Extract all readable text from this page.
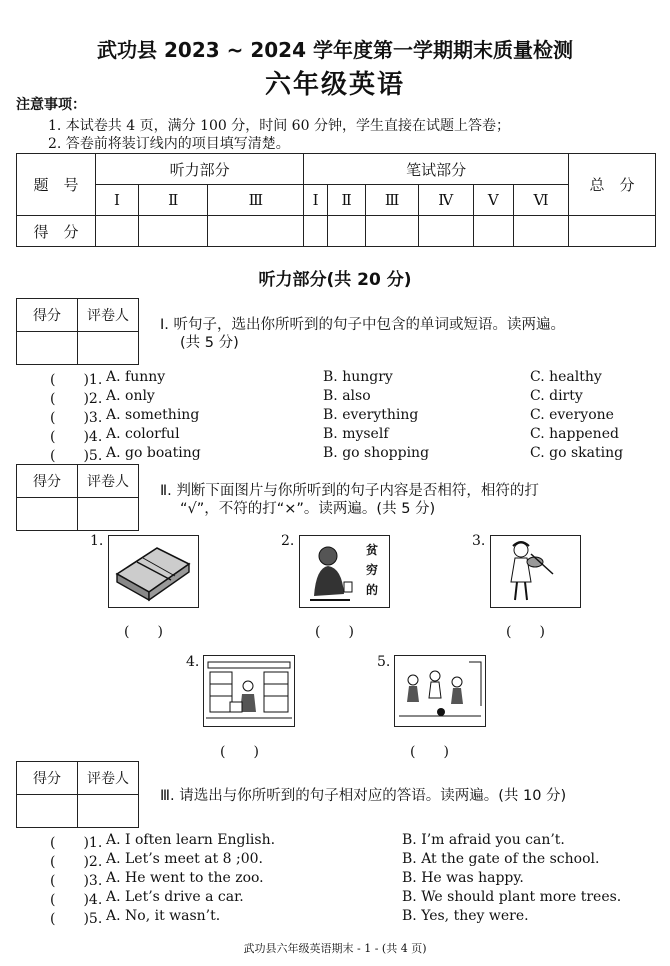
武功县 2023 ~ 2024 学年度第一学期期末质量检测
六年级英语
注意事项：
1. 本试卷共 4 页，满分 100 分，时间 60 分钟，学生直接在试题上答卷；
2. 答卷前将装订线内的项目填写清楚。
题　号	听力部分			笔试部分						总　分
	Ⅰ	Ⅱ	Ⅲ	Ⅰ	Ⅱ	Ⅲ	Ⅳ	Ⅴ	Ⅵ	
得　分										
听力部分(共 20 分)
得分	评卷人

Ⅰ. 听句子，选出你所听到的句子中包含的单词或短语。读两遍。
(共 5 分)
(　　)1. A. funny	B. hungry	C. healthy
(　　)2. A. only	B. also	C. dirty
(　　)3. A. something	B. everything	C. everyone
(　　)4. A. colorful	B. myself	C. happened
(　　)5. A. go boating	B. go shopping	C. go skating
得分	评卷人

Ⅱ. 判断下面图片与你所听到的句子内容是否相符，相符的打
“√”，不符的打“×”。读两遍。(共 5 分)
1.
(　　)
2.
贫
穷
的
(　　)
3.
(　　)
4.
(　　)
5.
(　　)
得分	评卷人

Ⅲ. 请选出与你所听到的句子相对应的答语。读两遍。(共 10 分)
(　　)1. A. I often learn English.	B. I’m afraid you can’t.
(　　)2. A. Let’s meet at 8 ;00.	B. At the gate of the school.
(　　)3. A. He went to the zoo.	B. He was happy.
(　　)4. A. Let’s drive a car.	B. We should plant more trees.
(　　)5. A. No, it wasn’t.	B. Yes, they were.
武功县六年级英语期末 - 1 - (共 4 页)
